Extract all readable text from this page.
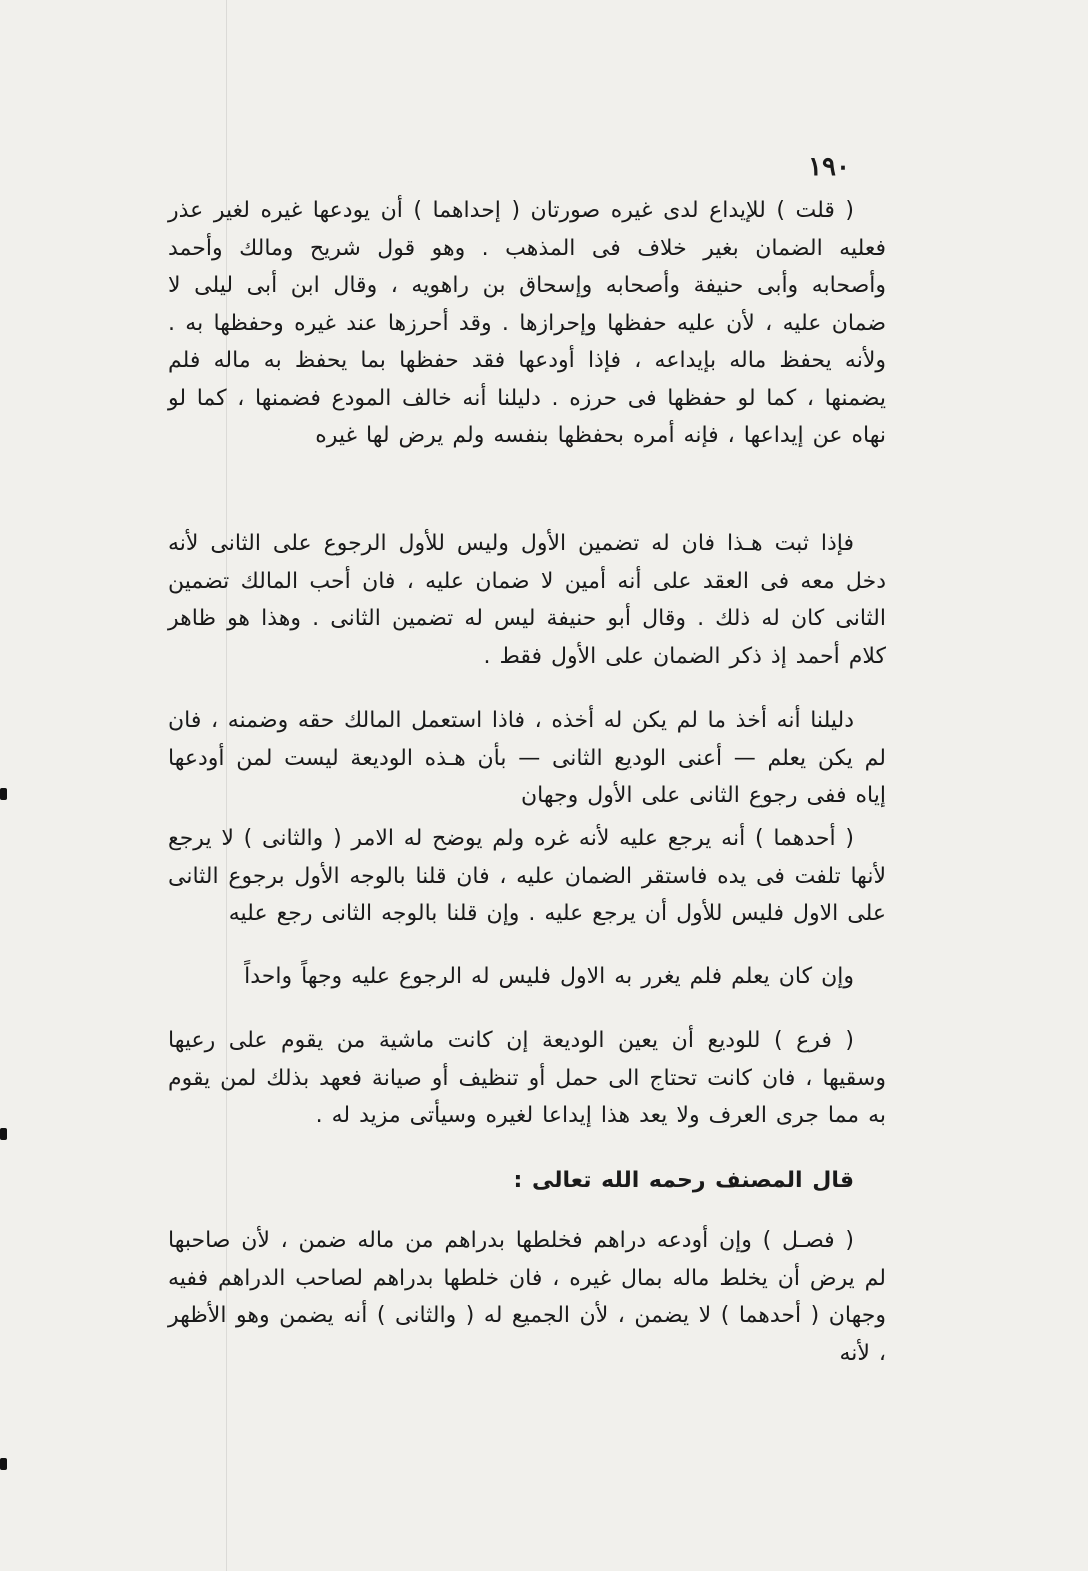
١٩٠

( قلت ) للإيداع لدى غيره صورتان ( إحداهما ) أن يودعها غيره لغير عذر فعليه الضمان بغير خلاف فى المذهب . وهو قول شريح ومالك وأحمد وأصحابه وأبى حنيفة وأصحابه وإسحاق بن راهويه ، وقال ابن أبى ليلى لا ضمان عليه ، لأن عليه حفظها وإحرازها . وقد أحرزها عند غيره وحفظها به . ولأنه يحفظ ماله بإيداعه ، فإذا أودعها فقد حفظها بما يحفظ به ماله فلم يضمنها ، كما لو حفظها فى حرزه . دليلنا أنه خالف المودع فضمنها ، كما لو نهاه عن إيداعها ، فإنه أمره بحفظها بنفسه ولم يرض لها غيره

فإذا ثبت هـذا فان له تضمين الأول وليس للأول الرجوع على الثانى لأنه دخل معه فى العقد على أنه أمين لا ضمان عليه ، فان أحب المالك تضمين الثانى كان له ذلك . وقال أبو حنيفة ليس له تضمين الثانى . وهذا هو ظاهر كلام أحمد إذ ذكر الضمان على الأول فقط .

دليلنا أنه أخذ ما لم يكن له أخذه ، فاذا استعمل المالك حقه وضمنه ، فان لم يكن يعلم — أعنى الوديع الثانى — بأن هـذه الوديعة ليست لمن أودعها إياه ففى رجوع الثانى على الأول وجهان

( أحدهما ) أنه يرجع عليه لأنه غره ولم يوضح له الامر ( والثانى ) لا يرجع لأنها تلفت فى يده فاستقر الضمان عليه ، فان قلنا بالوجه الأول برجوع الثانى على الاول فليس للأول أن يرجع عليه . وإن قلنا بالوجه الثانى رجع عليه

وإن كان يعلم فلم يغرر به الاول فليس له الرجوع عليه وجهاً واحداً

( فرع ) للوديع أن يعين الوديعة إن كانت ماشية من يقوم على رعيها وسقيها ، فان كانت تحتاج الى حمل أو تنظيف أو صيانة فعهد بذلك لمن يقوم به مما جرى العرف ولا يعد هذا إيداعا لغيره وسيأتى مزيد له .

قال المصنف رحمه الله تعالى :

( فصـل ) وإن أودعه دراهم فخلطها بدراهم من ماله ضمن ، لأن صاحبها لم يرض أن يخلط ماله بمال غيره ، فان خلطها بدراهم لصاحب الدراهم ففيه وجهان ( أحدهما ) لا يضمن ، لأن الجميع له ( والثانى ) أنه يضمن وهو الأظهر ، لأنه
